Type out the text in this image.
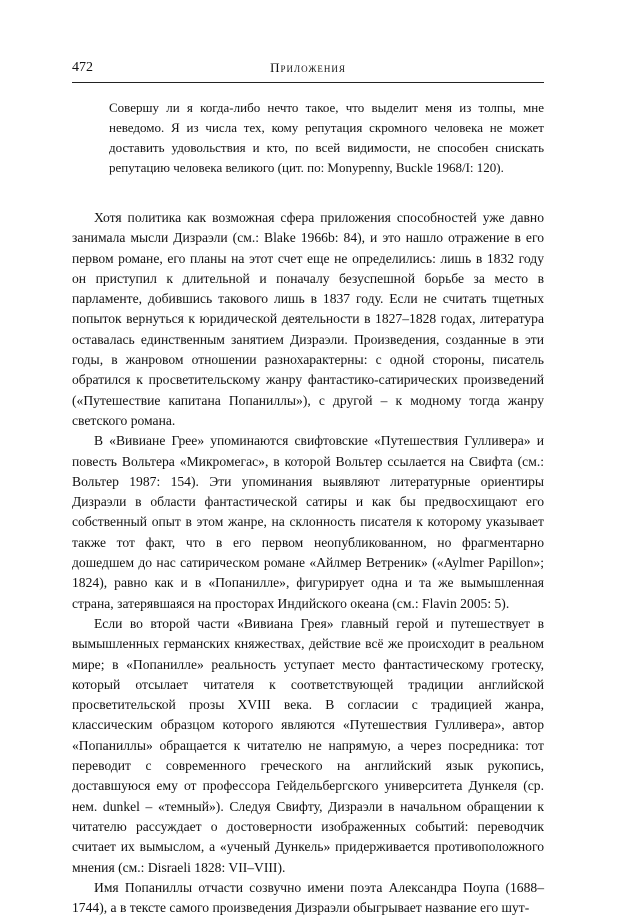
472	Приложения
Совершу ли я когда-либо нечто такое, что выделит меня из толпы, мне неведомо. Я из числа тех, кому репутация скромного человека не может доставить удовольствия и кто, по всей видимости, не способен снискать репутацию человека великого (цит. по: Monypenny, Buckle 1968/I: 120).

Хотя политика как возможная сфера приложения способностей уже давно занимала мысли Дизраэли (см.: Blake 1966b: 84), и это нашло отражение в его первом романе, его планы на этот счет еще не определились: лишь в 1832 году он приступил к длительной и поначалу безуспешной борьбе за место в парламенте, добившись такового лишь в 1837 году. Если не считать тщетных попыток вернуться к юридической деятельности в 1827–1828 годах, литература оставалась единственным занятием Дизраэли. Произведения, созданные в эти годы, в жанровом отношении разнохарактерны: с одной стороны, писатель обратился к просветительскому жанру фантастико-сатирических произведений («Путешествие капитана Попаниллы»), с другой – к модному тогда жанру светского романа.

В «Вивиане Грее» упоминаются свифтовские «Путешествия Гулливера» и повесть Вольтера «Микромегас», в которой Вольтер ссылается на Свифта (см.: Вольтер 1987: 154). Эти упоминания выявляют литературные ориентиры Дизраэли в области фантастической сатиры и как бы предвосхищают его собственный опыт в этом жанре, на склонность писателя к которому указывает также тот факт, что в его первом неопубликованном, но фрагментарно дошедшем до нас сатирическом романе «Айлмер Ветреник» («Aylmer Papillon»; 1824), равно как и в «Попанилле», фигурирует одна и та же вымышленная страна, затерявшаяся на просторах Индийского океана (см.: Flavin 2005: 5).

Если во второй части «Вивиана Грея» главный герой и путешествует в вымышленных германских княжествах, действие всё же происходит в реальном мире; в «Попанилле» реальность уступает место фантастическому гротеску, который отсылает читателя к соответствующей традиции английской просветительской прозы XVIII века. В согласии с традицией жанра, классическим образцом которого являются «Путешествия Гулливера», автор «Попаниллы» обращается к читателю не напрямую, а через посредника: тот переводит с современного греческого на английский язык рукопись, доставшуюся ему от профессора Гейдельбергского университета Дункеля (ср. нем. dunkel – «темный»). Следуя Свифту, Дизраэли в начальном обращении к читателю рассуждает о достоверности изображенных событий: переводчик считает их вымыслом, а «ученый Дункель» придерживается противоположного мнения (см.: Disraeli 1828: VII–VIII).

Имя Попаниллы отчасти созвучно имени поэта Александра Поупа (1688–1744), а в тексте самого произведения Дизраэли обыгрывает название его шут-
